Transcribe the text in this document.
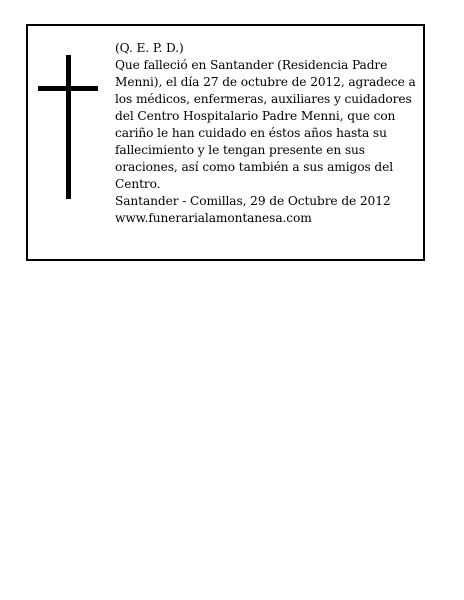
(Q. E. P. D.)

Que falleció en Santander (Residencia Padre Menni), el día 27 de octubre de 2012, agradece a los médicos, enfermeras, auxiliares y cuidadores del Centro Hospitalario Padre Menni, que con cariño le han cuidado en éstos años hasta su fallecimiento y le tengan presente en sus oraciones, así como también a sus amigos del Centro.

Santander - Comillas, 29 de Octubre de 2012

www.funerarialamontanesa.com
